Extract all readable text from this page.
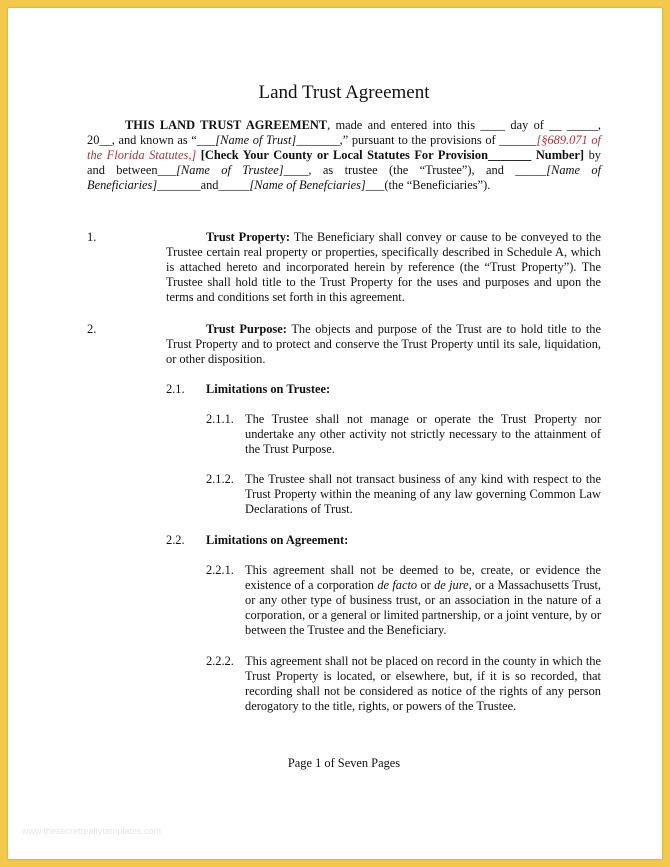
Land Trust Agreement
THIS LAND TRUST AGREEMENT, made and entered into this ____ day of __ _____, 20__, and known as “___[Name of Trust]_______,” pursuant to the provisions of ______[§689.071 of the Florida Statutes,] [Check Your County or Local Statutes For Provision_______ Number] by and between___[Name of Trustee]____, as trustee (the “Trustee”), and _____[Name of Beneficiaries]_______and_____[Name of Benefciaries]___(the “Beneficiaries”).
1.	Trust Property: The Beneficiary shall convey or cause to be conveyed to the Trustee certain real property or properties, specifically described in Schedule A, which is attached hereto and incorporated herein by reference (the “Trust Property”). The Trustee shall hold title to the Trust Property for the uses and purposes and upon the terms and conditions set forth in this agreement.
2.	Trust Purpose: The objects and purpose of the Trust are to hold title to the Trust Property and to protect and conserve the Trust Property until its sale, liquidation, or other disposition.
2.1. Limitations on Trustee:
2.1.1. The Trustee shall not manage or operate the Trust Property nor undertake any other activity not strictly necessary to the attainment of the Trust Purpose.
2.1.2. The Trustee shall not transact business of any kind with respect to the Trust Property within the meaning of any law governing Common Law Declarations of Trust.
2.2. Limitations on Agreement:
2.2.1. This agreement shall not be deemed to be, create, or evidence the existence of a corporation de facto or de jure, or a Massachusetts Trust, or any other type of business trust, or an association in the nature of a corporation, or a general or limited partnership, or a joint venture, by or between the Trustee and the Beneficiary.
2.2.2. This agreement shall not be placed on record in the county in which the Trust Property is located, or elsewhere, but, if it is so recorded, that recording shall not be considered as notice of the rights of any person derogatory to the title, rights, or powers of the Trustee.
Page 1 of Seven Pages
www.thesecretrealtytemplates.com
